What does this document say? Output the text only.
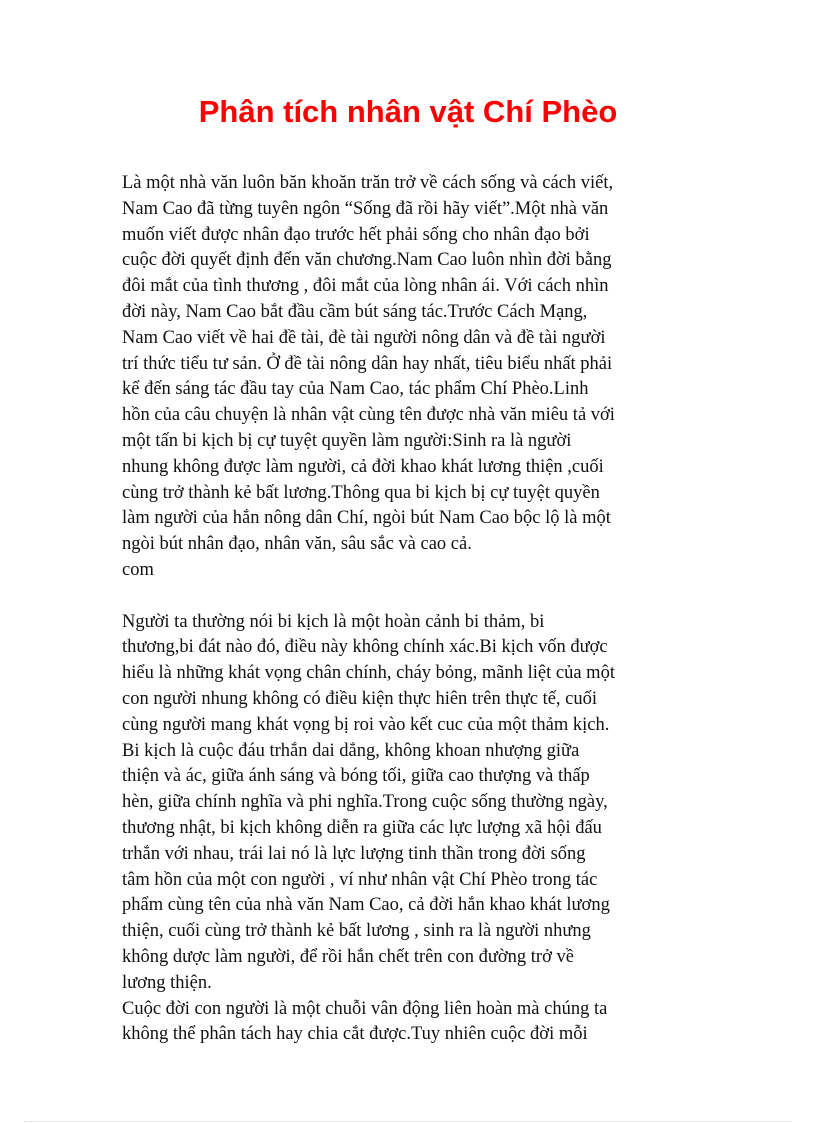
Phân tích nhân vật Chí Phèo

Là một nhà văn luôn băn khoăn trăn trở về cách sống và cách viết,

Nam Cao đã từng tuyên ngôn “Sống đã rồi hãy viết”.Một nhà văn

muốn viết được nhân đạo trước hết phải sống cho nhân đạo bởi

cuộc đời quyết định đến văn chương.Nam Cao luôn nhìn đời bằng

đôi mắt của tình thương , đôi mắt của lòng nhân ái. Với cách nhìn

đời này, Nam Cao bắt đầu cầm bút sáng tác.Trước Cách Mạng,

Nam Cao viết về hai đề tài, đè tài người nông dân và đề tài người

trí thức tiểu tư sản. Ở đề tài nông dân hay nhất, tiêu biểu nhất phải

kể đến sáng tác đầu tay của Nam Cao, tác phẩm Chí Phèo.Linh

hồn của câu chuyện là nhân vật cùng tên được nhà văn miêu tả với

một tấn bi kịch bị cự tuyệt quyền làm người:Sinh ra là người

nhung không được làm người, cả đời khao khát lương thiện ,cuối

cùng trở thành kẻ bất lương.Thông qua bi kịch bị cự tuyệt quyền

làm người của hắn nông dân Chí, ngòi bút Nam Cao bộc lộ là một

ngòi bút nhân đạo, nhân văn, sâu sắc và cao cả.

com

Người ta thường nói bi kịch là một hoàn cảnh bi thảm, bi

thương,bi đát nào đó, điều này không chính xác.Bi kịch vốn được

hiểu là những khát vọng chân chính, cháy bỏng, mãnh liệt của một

con người nhung không có điều kiện thực hiên trên thực tế, cuối

cùng người mang khát vọng bị roi vào kết cuc của một thảm kịch.

Bi kịch là cuộc đáu trhắn dai dẳng, không khoan nhượng giữa

thiện và ác, giữa ánh sáng và bóng tối, giữa cao thượng và thấp

hèn, giữa chính nghĩa và phi nghĩa.Trong cuộc sống thường ngày,

thương nhật, bi kịch không diễn ra giữa các lực lượng xã hội đấu

trhắn với nhau, trái lai nó là lực lượng tinh thần trong đời sống

tâm hồn của một con người , ví như nhân vật Chí Phèo trong tác

phẩm cùng tên của nhà văn Nam Cao, cả đời hắn khao khát lương

thiện, cuối cùng trở thành kẻ bất lương , sinh ra là người nhưng

không dược làm người, để rồi hắn chết trên con đường trở về

lương thiện.

Cuộc đời con người là một chuỗi vân động liên hoàn mà chúng ta

không thể phân tách hay chia cắt được.Tuy nhiên cuộc đời mỗi
